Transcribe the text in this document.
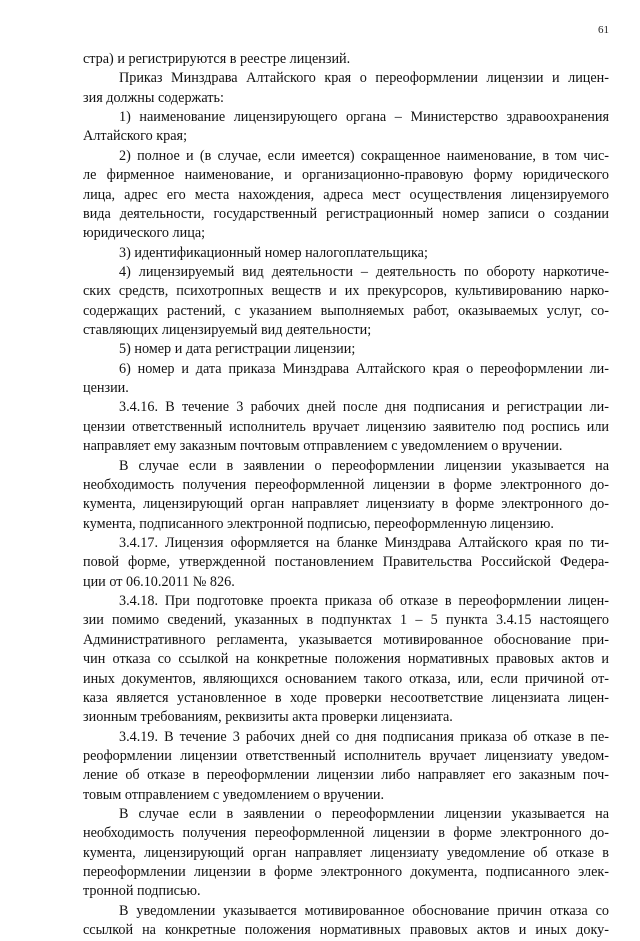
61
стра) и регистрируются в реестре лицензий.
Приказ Минздрава Алтайского края о переоформлении лицензии и лицен-
зия должны содержать:
1) наименование лицензирующего органа – Министерство здравоохранения
Алтайского края;
2) полное и (в случае, если имеется) сокращенное наименование, в том чис-
ле фирменное наименование, и организационно-правовую форму юридического
лица, адрес его места нахождения, адреса мест осуществления лицензируемого
вида деятельности, государственный регистрационный номер записи о создании
юридического лица;
3) идентификационный номер налогоплательщика;
4) лицензируемый вид деятельности – деятельность по обороту наркотиче-
ских средств, психотропных веществ и их прекурсоров, культивированию нарко-
содержащих растений, с указанием выполняемых работ, оказываемых услуг, со-
ставляющих лицензируемый вид деятельности;
5) номер и дата регистрации лицензии;
6) номер и дата приказа Минздрава Алтайского края о переоформлении ли-
цензии.
3.4.16. В течение 3 рабочих дней после дня подписания и регистрации ли-
цензии ответственный исполнитель вручает лицензию заявителю под роспись или
направляет ему заказным почтовым отправлением с уведомлением о вручении.
В случае если в заявлении о переоформлении лицензии указывается на
необходимость получения переоформленной лицензии в форме электронного до-
кумента, лицензирующий орган направляет лицензиату в форме электронного до-
кумента, подписанного электронной подписью, переоформленную лицензию.
3.4.17. Лицензия оформляется на бланке Минздрава Алтайского края по ти-
повой форме, утвержденной постановлением Правительства Российской Федера-
ции от 06.10.2011 № 826.
3.4.18. При подготовке проекта приказа об отказе в переоформлении лицен-
зии помимо сведений, указанных в подпунктах 1 – 5 пункта 3.4.15 настоящего
Административного регламента, указывается мотивированное обоснование при-
чин отказа со ссылкой на конкретные положения нормативных правовых актов и
иных документов, являющихся основанием такого отказа, или, если причиной от-
каза является установленное в ходе проверки несоответствие лицензиата лицен-
зионным требованиям, реквизиты акта проверки лицензиата.
3.4.19. В течение 3 рабочих дней со дня подписания приказа об отказе в пе-
реоформлении лицензии ответственный исполнитель вручает лицензиату уведом-
ление об отказе в переоформлении лицензии либо направляет его заказным поч-
товым отправлением с уведомлением о вручении.
В случае если в заявлении о переоформлении лицензии указывается на
необходимость получения переоформленной лицензии в форме электронного до-
кумента, лицензирующий орган направляет лицензиату уведомление об отказе в
переоформлении лицензии в форме электронного документа, подписанного элек-
тронной подписью.
В уведомлении указывается мотивированное обоснование причин отказа со
ссылкой на конкретные положения нормативных правовых актов и иных доку-
